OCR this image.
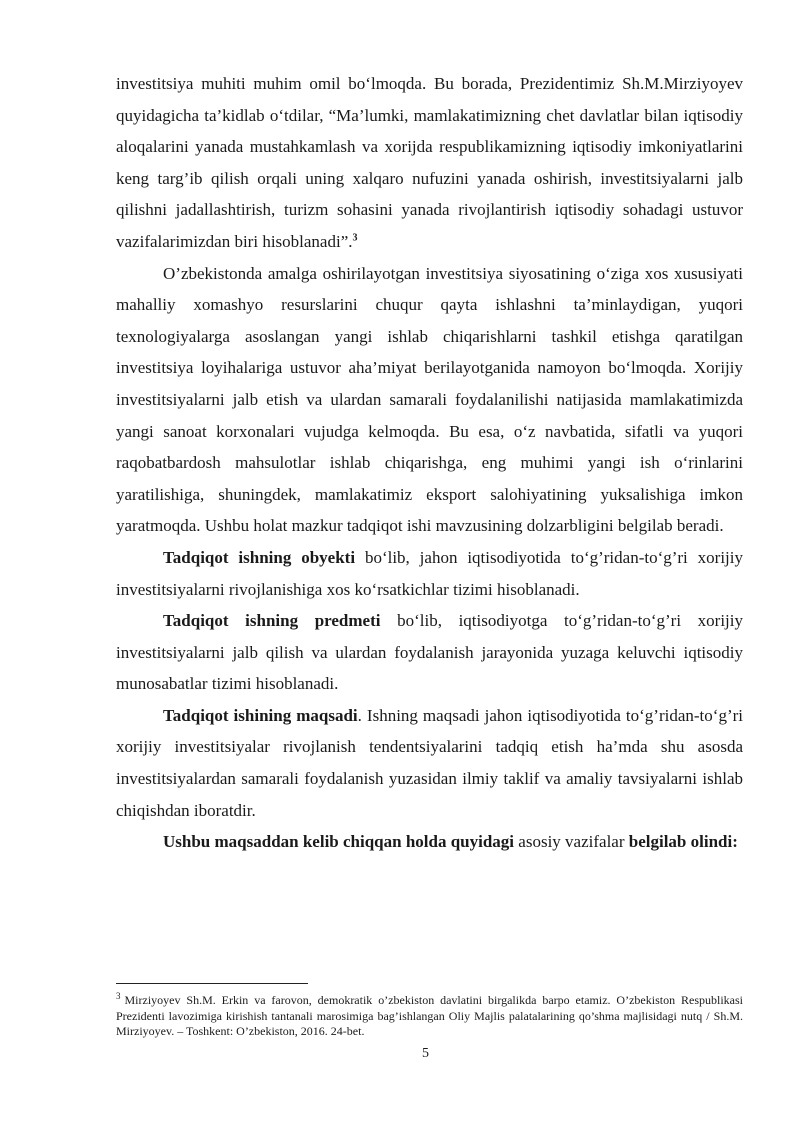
investitsiya muhiti muhim omil bo‘lmoqda. Bu borada, Prezidentimiz Sh.M.Mirziyoyev quyidagicha ta’kidlab o‘tdilar, “Ma’lumki, mamlakatimizning chet davlatlar bilan iqtisodiy aloqalarini yanada mustahkamlash va xorijda respublikamizning iqtisodiy imkoniyatlarini keng targ’ib qilish orqali uning xalqaro nufuzini yanada oshirish, investitsiyalarni jalb qilishni jadallashtirish, turizm sohasini yanada rivojlantirish iqtisodiy sohadagi ustuvor vazifalarimizdan biri hisoblanadi”.$^3$

O’zbekistonda amalga oshirilayotgan investitsiya siyosatining o‘ziga xos xususiyati mahalliy xomashyo resurslarini chuqur qayta ishlashni ta’minlaydigan, yuqori texnologiyalarga asoslangan yangi ishlab chiqarishlarni tashkil etishga qaratilgan investitsiya loyihalariga ustuvor aha’miyat berilayotganida namoyon bo‘lmoqda. Xorijiy investitsiyalarni jalb etish va ulardan samarali foydalanilishi natijasida mamlakatimizda yangi sanoat korxonalari vujudga kelmoqda. Bu esa, o‘z navbatida, sifatli va yuqori raqobatbardosh mahsulotlar ishlab chiqarishga, eng muhimi yangi ish o‘rinlarini yaratilishiga, shuningdek, mamlakatimiz eksport salohiyatining yuksalishiga imkon yaratmoqda. Ushbu holat mazkur tadqiqot ishi mavzusining dolzarbligini belgilab beradi.

Tadqiqot ishning obyekti bo‘lib, jahon iqtisodiyotida to‘g’ridan-to‘g’ri xorijiy investitsiyalarni rivojlanishiga xos ko‘rsatkichlar tizimi hisoblanadi.

Tadqiqot ishning predmeti bo‘lib, iqtisodiyotga to‘g’ridan-to‘g’ri xorijiy investitsiyalarni jalb qilish va ulardan foydalanish jarayonida yuzaga keluvchi iqtisodiy munosabatlar tizimi hisoblanadi.

Tadqiqot ishining maqsadi. Ishning maqsadi jahon iqtisodiyotida to‘g’ridan-to‘g’ri xorijiy investitsiyalar rivojlanish tendentsiyalarini tadqiq etish ha’mda shu asosda investitsiyalardan samarali foydalanish yuzasidan ilmiy taklif va amaliy tavsiyalarni ishlab chiqishdan iboratdir.

Ushbu maqsaddan kelib chiqqan holda quyidagi asosiy vazifalar belgilab olindi:

$^3$ Mirziyoyev Sh.M. Erkin va farovon, demokratik o’zbekiston davlatini birgalikda barpo etamiz. O’zbekiston Respublikasi Prezidenti lavozimiga kirishish tantanali marosimiga bag’ishlangan Oliy Majlis palatalarining qo’shma majlisidagi nutq / Sh.M. Mirziyoyev. – Toshkent: O’zbekiston, 2016. 24-bet.

5
